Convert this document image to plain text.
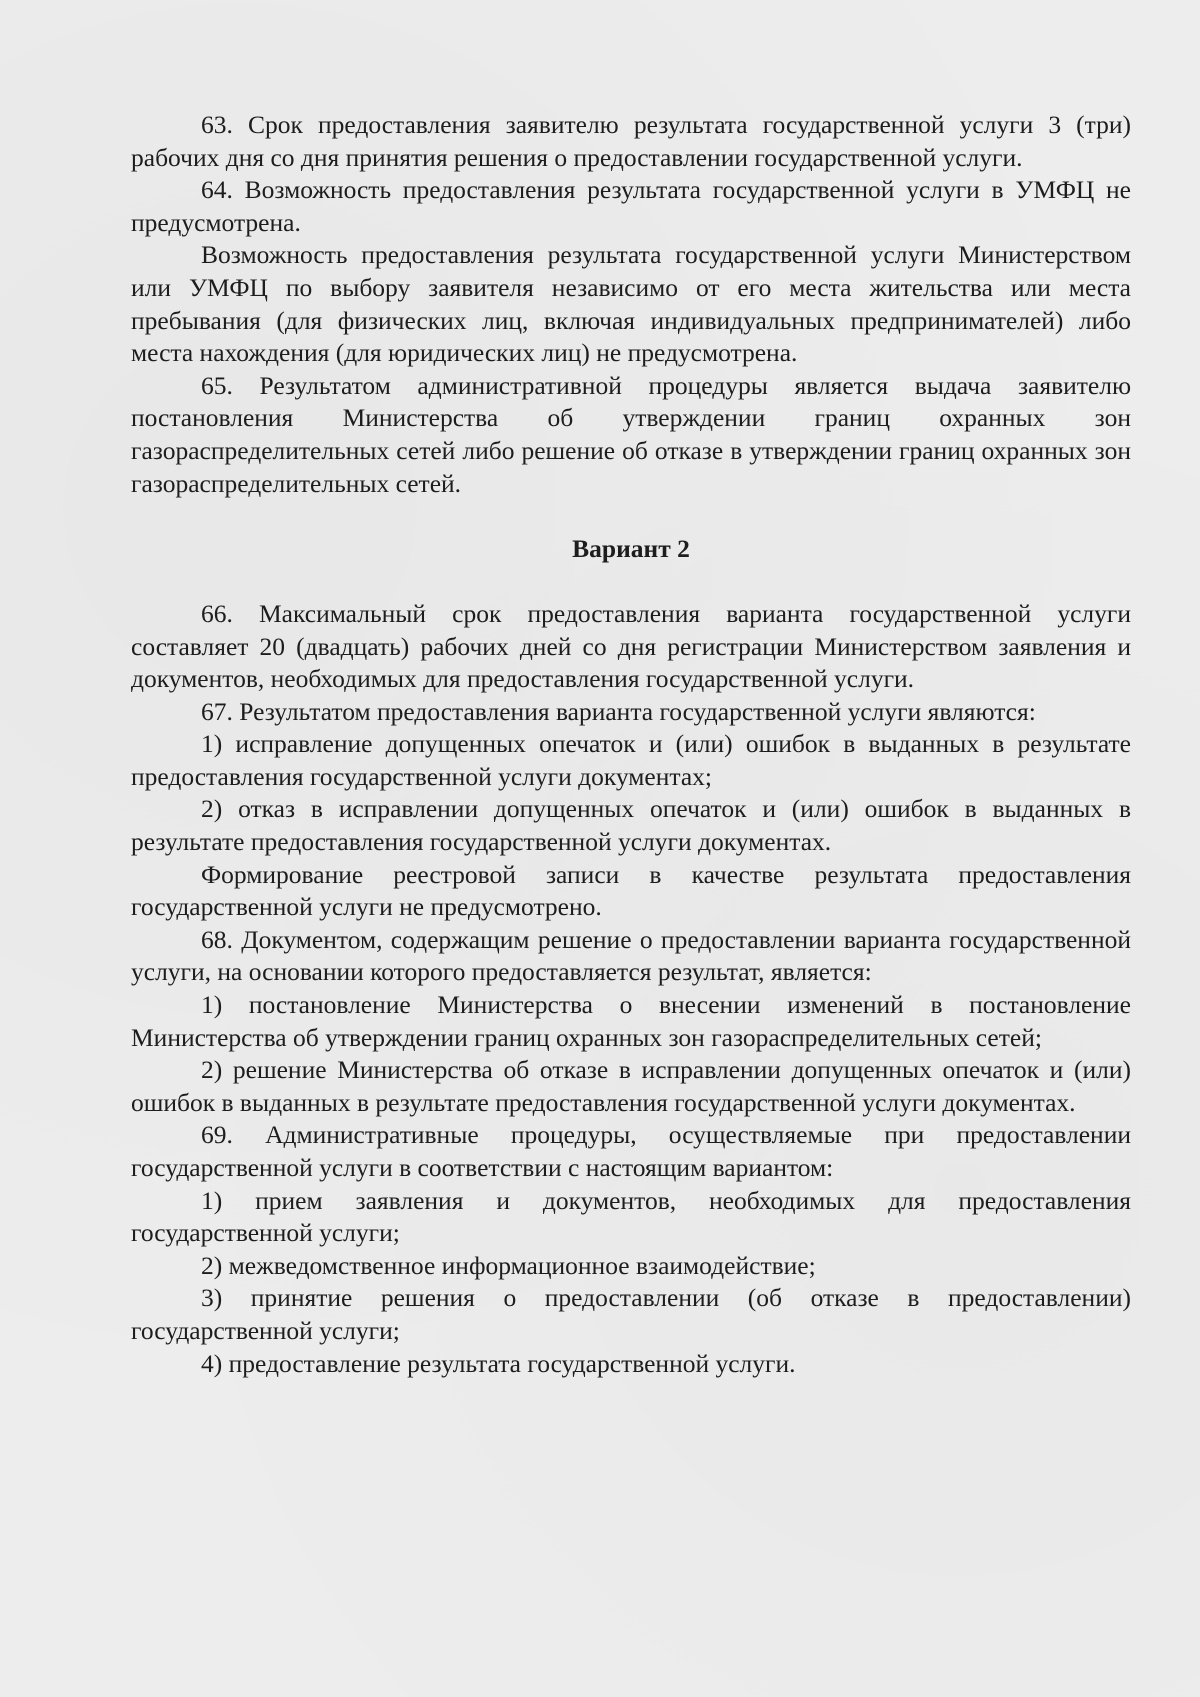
63. Срок предоставления заявителю результата государственной услуги 3 (три) рабочих дня со дня принятия решения о предоставлении государственной услуги.

64. Возможность предоставления результата государственной услуги в УМФЦ не предусмотрена.

Возможность предоставления результата государственной услуги Министерством или УМФЦ по выбору заявителя независимо от его места жительства или места пребывания (для физических лиц, включая индивидуальных предпринимателей) либо места нахождения (для юридических лиц) не предусмотрена.

65. Результатом административной процедуры является выдача заявителю постановления Министерства об утверждении границ охранных зон газораспределительных сетей либо решение об отказе в утверждении границ охранных зон газораспределительных сетей.

Вариант 2

66. Максимальный срок предоставления варианта государственной услуги составляет 20 (двадцать) рабочих дней со дня регистрации Министерством заявления и документов, необходимых для предоставления государственной услуги.

67. Результатом предоставления варианта государственной услуги являются:

1) исправление допущенных опечаток и (или) ошибок в выданных в результате предоставления государственной услуги документах;

2) отказ в исправлении допущенных опечаток и (или) ошибок в выданных в результате предоставления государственной услуги документах.

Формирование реестровой записи в качестве результата предоставления государственной услуги не предусмотрено.

68. Документом, содержащим решение о предоставлении варианта государственной услуги, на основании которого предоставляется результат, является:

1) постановление Министерства о внесении изменений в постановление Министерства об утверждении границ охранных зон газораспределительных сетей;

2) решение Министерства об отказе в исправлении допущенных опечаток и (или) ошибок в выданных в результате предоставления государственной услуги документах.

69. Административные процедуры, осуществляемые при предоставлении государственной услуги в соответствии с настоящим вариантом:

1) прием заявления и документов, необходимых для предоставления государственной услуги;

2) межведомственное информационное взаимодействие;

3) принятие решения о предоставлении (об отказе в предоставлении) государственной услуги;

4) предоставление результата государственной услуги.
